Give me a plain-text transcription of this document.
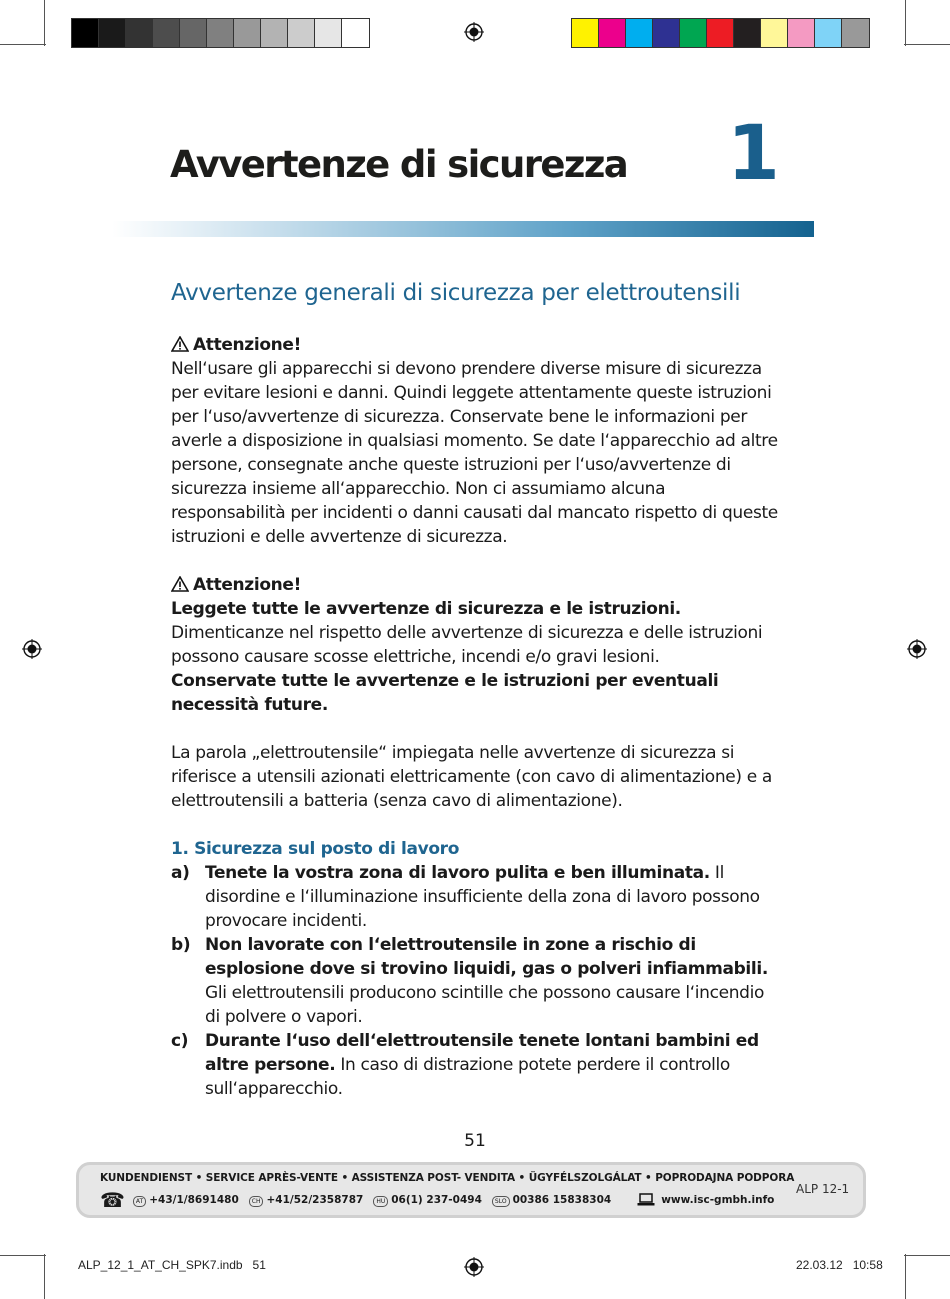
Avvertenze di sicurezza 1
Avvertenze generali di sicurezza per elettroutensili

Attenzione!

Nell‘usare gli apparecchi si devono prendere diverse misure di sicurezza per evitare lesioni e danni. Quindi leggete attentamente queste istruzioni per l‘uso/avvertenze di sicurezza. Conservate bene le informazioni per averle a disposizione in qualsiasi momento. Se date l‘apparecchio ad altre persone, consegnate anche queste istruzioni per l‘uso/avvertenze di sicurezza insieme all‘apparecchio. Non ci assumiamo alcuna responsabilità per incidenti o danni causati dal mancato rispetto di queste istruzioni e delle avvertenze di sicurezza.

Attenzione!

Leggete tutte le avvertenze di sicurezza e le istruzioni. Dimenticanze nel rispetto delle avvertenze di sicurezza e delle istruzioni possono causare scosse elettriche, incendi e/o gravi lesioni.

Conservate tutte le avvertenze e le istruzioni per eventuali necessità future.

La parola „elettroutensile“ impiegata nelle avvertenze di sicurezza si riferisce a utensili azionati elettricamente (con cavo di alimentazione) e a elettroutensili a batteria (senza cavo di alimentazione).

1. Sicurezza sul posto di lavoro

a) Tenete la vostra zona di lavoro pulita e ben illuminata. Il disordine e l‘illuminazione insufficiente della zona di lavoro possono provocare incidenti.
b) Non lavorate con l‘elettroutensile in zone a rischio di esplosione dove si trovino liquidi, gas o polveri infiammabili. Gli elettroutensili producono scintille che possono causare l‘incendio di polvere o vapori.
c) Durante l‘uso dell‘elettroutensile tenete lontani bambini ed altre persone. In caso di distrazione potete perdere il controllo sull‘apparecchio.
51
KUNDENDIENST • SERVICE APRÈS-VENTE • ASSISTENZA POST- VENDITA • ÜGYFÉLSZOLGÁLAT • POPRODAJNA PODPORA
☎	AT +43/1/8691480	CH +41/52/2358787	HU 06(1) 237-0494	SLO 00386 15838304	www.isc-gmbh.info
ALP 12-1
ALP_12_1_AT_CH_SPK7.indb   51	22.03.12   10:58
